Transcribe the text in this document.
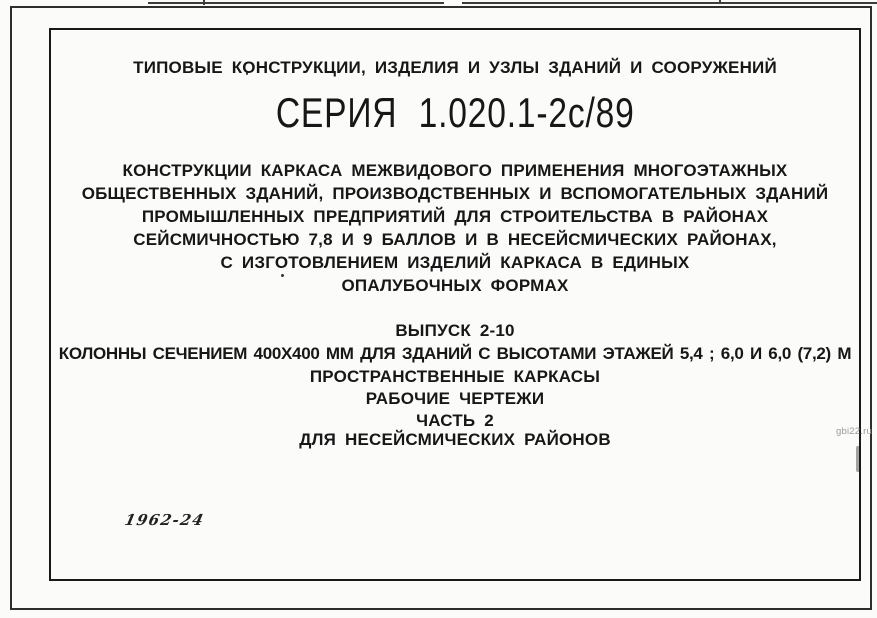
ТИПОВЫЕ КОНСТРУКЦИИ, ИЗДЕЛИЯ И УЗЛЫ ЗДАНИЙ И СООРУЖЕНИЙ
СЕРИЯ 1.020.1-2с/89
КОНСТРУКЦИИ КАРКАСА МЕЖВИДОВОГО ПРИМЕНЕНИЯ МНОГОЭТАЖНЫХ
ОБЩЕСТВЕННЫХ ЗДАНИЙ, ПРОИЗВОДСТВЕННЫХ И ВСПОМОГАТЕЛЬНЫХ ЗДАНИЙ
ПРОМЫШЛЕННЫХ ПРЕДПРИЯТИЙ ДЛЯ СТРОИТЕЛЬСТВА В РАЙОНАХ
СЕЙСМИЧНОСТЬЮ 7,8 И 9 БАЛЛОВ И В НЕСЕЙСМИЧЕСКИХ РАЙОНАХ,
С ИЗГОТОВЛЕНИЕМ ИЗДЕЛИЙ КАРКАСА В ЕДИНЫХ
ОПАЛУБОЧНЫХ ФОРМАХ
ВЫПУСК 2-10
КОЛОННЫ СЕЧЕНИЕМ 400Х400 ММ ДЛЯ ЗДАНИЙ С ВЫСОТАМИ ЭТАЖЕЙ 5,4 ; 6,0 И 6,0 (7,2) М
ПРОСТРАНСТВЕННЫЕ КАРКАСЫ
РАБОЧИЕ ЧЕРТЕЖИ
ЧАСТЬ 2
ДЛЯ НЕСЕЙСМИЧЕСКИХ РАЙОНОВ
1962-24
gbi22.ru
